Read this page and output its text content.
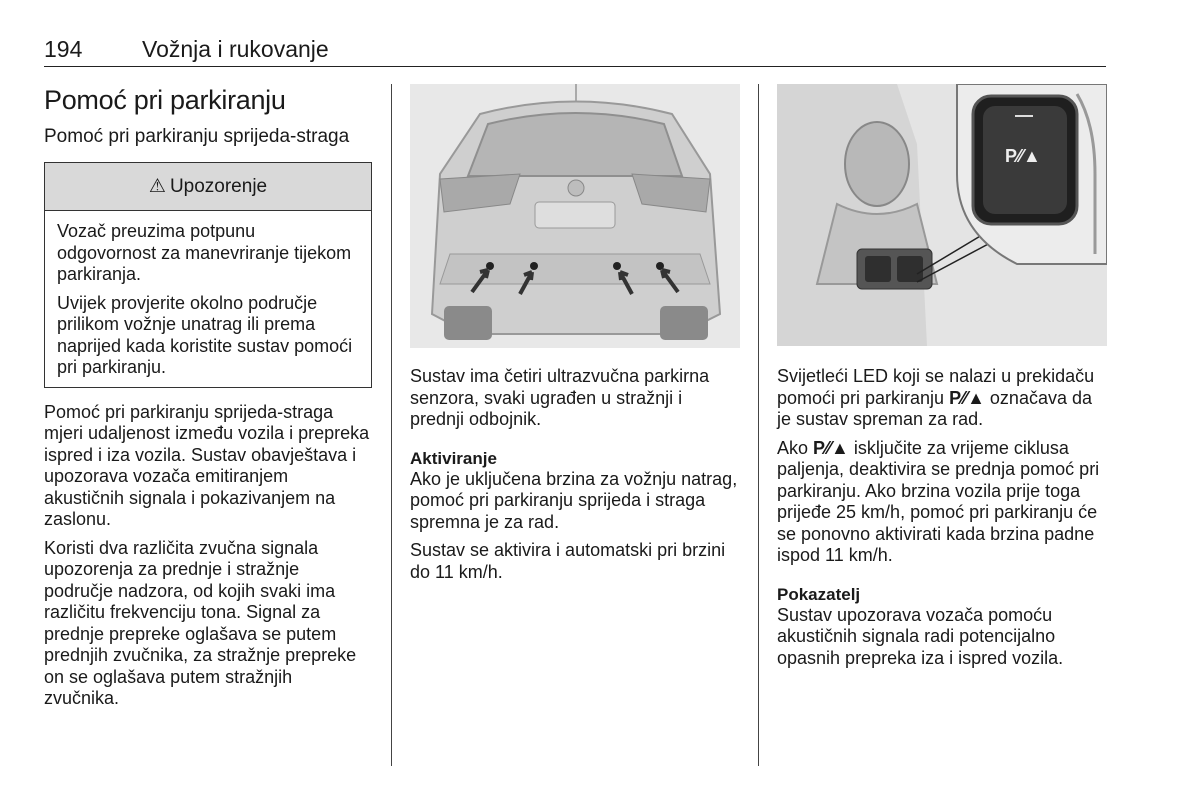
194	Vožnja i rukovanje
Pomoć pri parkiranju
Pomoć pri parkiranju sprijeda-straga
⚠ Upozorenje

Vozač preuzima potpunu odgovornost za manevriranje tijekom parkiranja.

Uvijek provjerite okolno područje prilikom vožnje unatrag ili prema naprijed kada koristite sustav pomoći pri parkiranju.

Pomoć pri parkiranju sprijeda-straga mjeri udaljenost između vozila i prepreka ispred i iza vozila. Sustav obavještava i upozorava vozača emitiranjem akustičnih signala i pokazivanjem na zaslonu.

Koristi dva različita zvučna signala upozorenja za prednje i stražnje područje nadzora, od kojih svaki ima različitu frekvenciju tona. Signal za prednje prepreke oglašava se putem prednjih zvučnika, za stražnje prepreke on se oglašava putem stražnjih zvučnika.

Sustav ima četiri ultrazvučna parkirna senzora, svaki ugrađen u stražnji i prednji odbojnik.

Aktiviranje

Ako je uključena brzina za vožnju natrag, pomoć pri parkiranju sprijeda i straga spremna je za rad.

Sustav se aktivira i automatski pri brzini do 11 km/h.

P⁄⁄▲

Svijetleći LED koji se nalazi u prekidaču pomoći pri parkiranju P⁄⁄▲ označava da je sustav spreman za rad.

Ako P⁄⁄▲ isključite za vrijeme ciklusa paljenja, deaktivira se prednja pomoć pri parkiranju. Ako brzina vozila prije toga prijeđe 25 km/h, pomoć pri parkiranju će se ponovno aktivirati kada brzina padne ispod 11 km/h.

Pokazatelj

Sustav upozorava vozača pomoću akustičnih signala radi potencijalno opasnih prepreka iza i ispred vozila.
